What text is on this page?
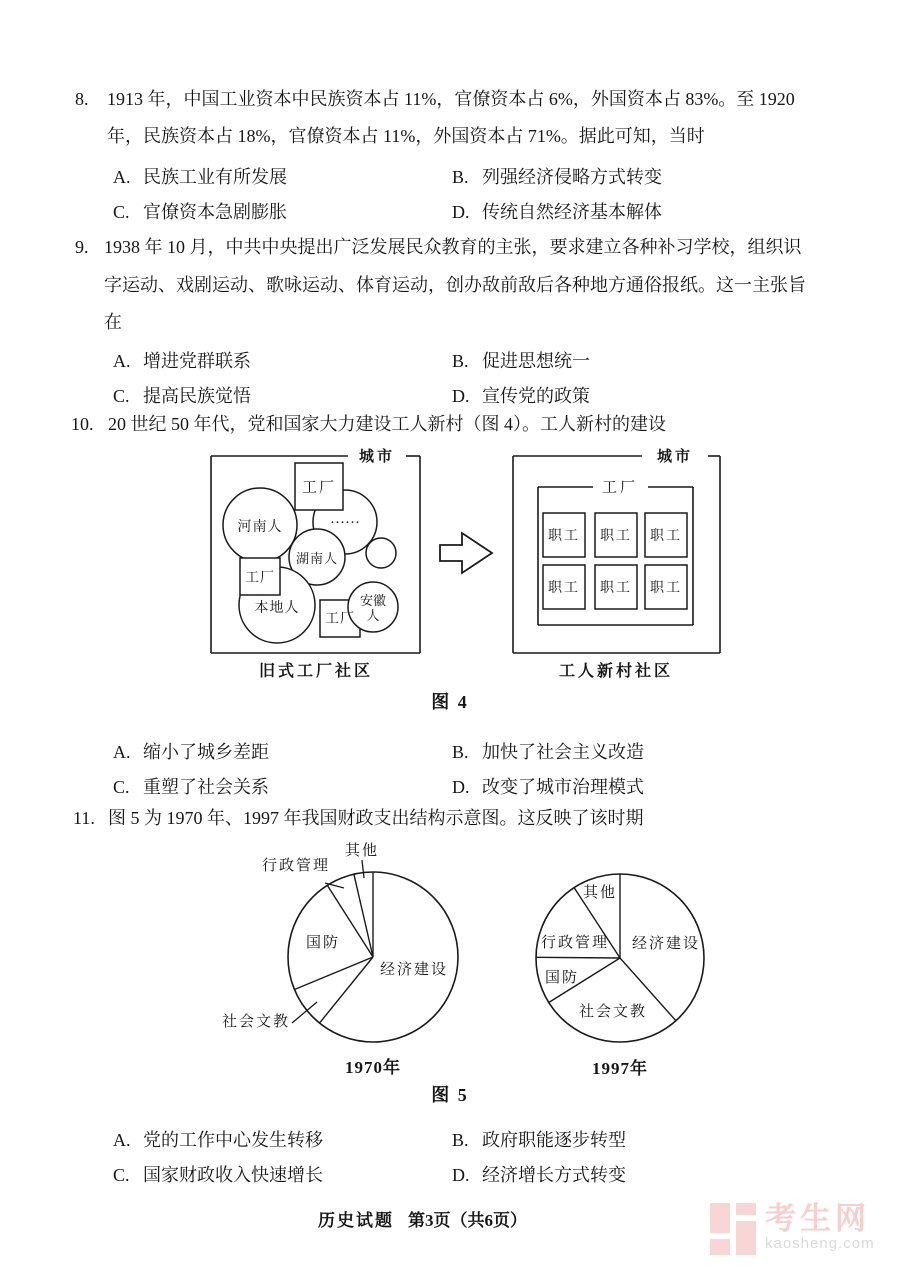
8. 1913 年，中国工业资本中民族资本占 11%，官僚资本占 6%，外国资本占 83%。至 1920
年，民族资本占 18%，官僚资本占 11%，外国资本占 71%。据此可知，当时
A. 民族工业有所发展	B. 列强经济侵略方式转变
C. 官僚资本急剧膨胀	D. 传统自然经济基本解体
9. 1938 年 10 月，中共中央提出广泛发展民众教育的主张，要求建立各种补习学校，组织识
字运动、戏剧运动、歌咏运动、体育运动，创办敌前敌后各种地方通俗报纸。这一主张旨
在
A. 增进党群联系	B. 促进思想统一
C. 提高民族觉悟	D. 宣传党的政策
10. 20 世纪 50 年代，党和国家大力建设工人新村（图 4）。工人新村的建设
城市
工厂
河南人
……
湖南人
工厂
本地人
工厂
安徽
人
旧式工厂社区
城市
工厂
职工 职工 职工
职工 职工 职工
工人新村社区
图 4
A. 缩小了城乡差距	B. 加快了社会主义改造
C. 重塑了社会关系	D. 改变了城市治理模式
11. 图 5 为 1970 年、1997 年我国财政支出结构示意图。这反映了该时期
经济建设
社会文教
国防
行政管理
其他
经济建设
社会文教
国防
行政管理
其他
1970年	1997年
图 5
A. 党的工作中心发生转移	B. 政府职能逐步转型
C. 国家财政收入快速增长	D. 经济增长方式转变
历史试题 第3页（共6页）	考生网
kaosheng.com
